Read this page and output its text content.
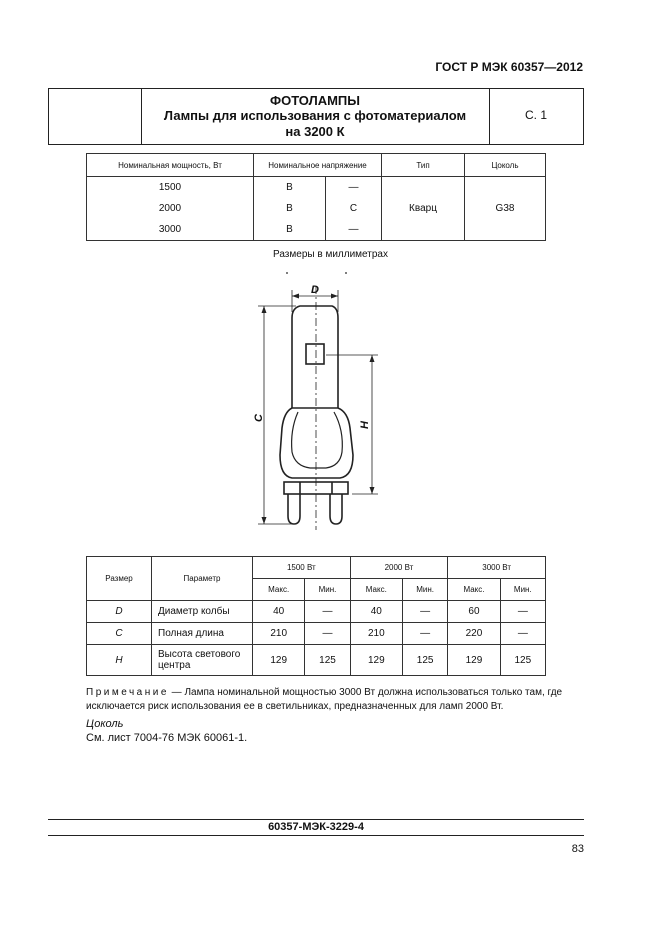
ГОСТ Р МЭК 60357—2012
ФОТОЛАМПЫ
Лампы для использования с фотоматериалом
на 3200 К
С. 1
Номинальная мощность, Вт	Номинальное напряжение		Тип	Цоколь
1500	В	—	Кварц	G38
2000	В	С		
3000	В	—		
Размеры в миллиметрах
D
C
H
Размер	Параметр	1500 Вт		2000 Вт		3000 Вт	
		Макс.	Мин.	Макс.	Мин.	Макс.	Мин.
D	Диаметр колбы	40	—	40	—	60	—
C	Полная длина	210	—	210	—	220	—
H	Высота светового центра	129	125	129	125	129	125
Примечание — Лампа номинальной мощностью 3000 Вт должна использоваться только там, где исключается риск использования ее в светильниках, предназначенных для ламп 2000 Вт.
Цоколь
См. лист 7004-76 МЭК 60061-1.
60357-МЭК-3229-4
83
